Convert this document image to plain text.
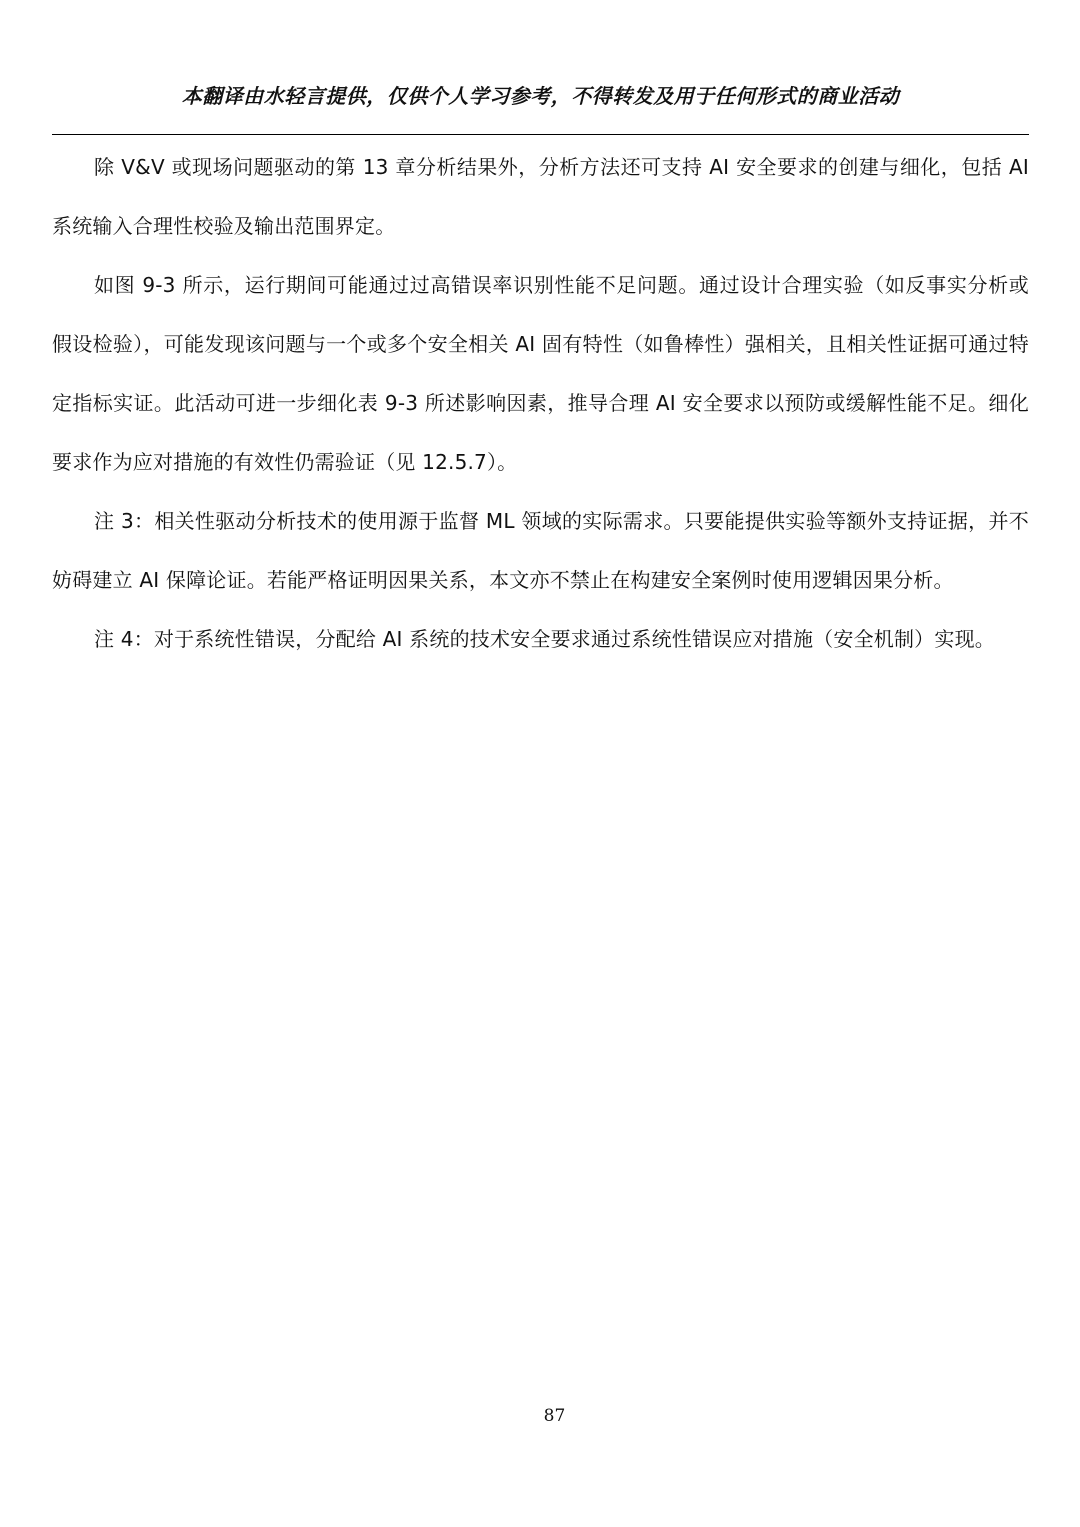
本翻译由水轻言提供，仅供个人学习参考，不得转发及用于任何形式的商业活动

除 V&V 或现场问题驱动的第 13 章分析结果外，分析方法还可支持 AI 安全要求的创建与细化，包括 AI 系统输入合理性校验及输出范围界定。

如图 9-3 所示，运行期间可能通过过高错误率识别性能不足问题。通过设计合理实验（如反事实分析或假设检验），可能发现该问题与一个或多个安全相关 AI 固有特性（如鲁棒性）强相关，且相关性证据可通过特定指标实证。此活动可进一步细化表 9-3 所述影响因素，推导合理 AI 安全要求以预防或缓解性能不足。细化要求作为应对措施的有效性仍需验证（见 12.5.7）。

注 3：相关性驱动分析技术的使用源于监督 ML 领域的实际需求。只要能提供实验等额外支持证据，并不妨碍建立 AI 保障论证。若能严格证明因果关系，本文亦不禁止在构建安全案例时使用逻辑因果分析。

注 4：对于系统性错误，分配给 AI 系统的技术安全要求通过系统性错误应对措施（安全机制）实现。

87
